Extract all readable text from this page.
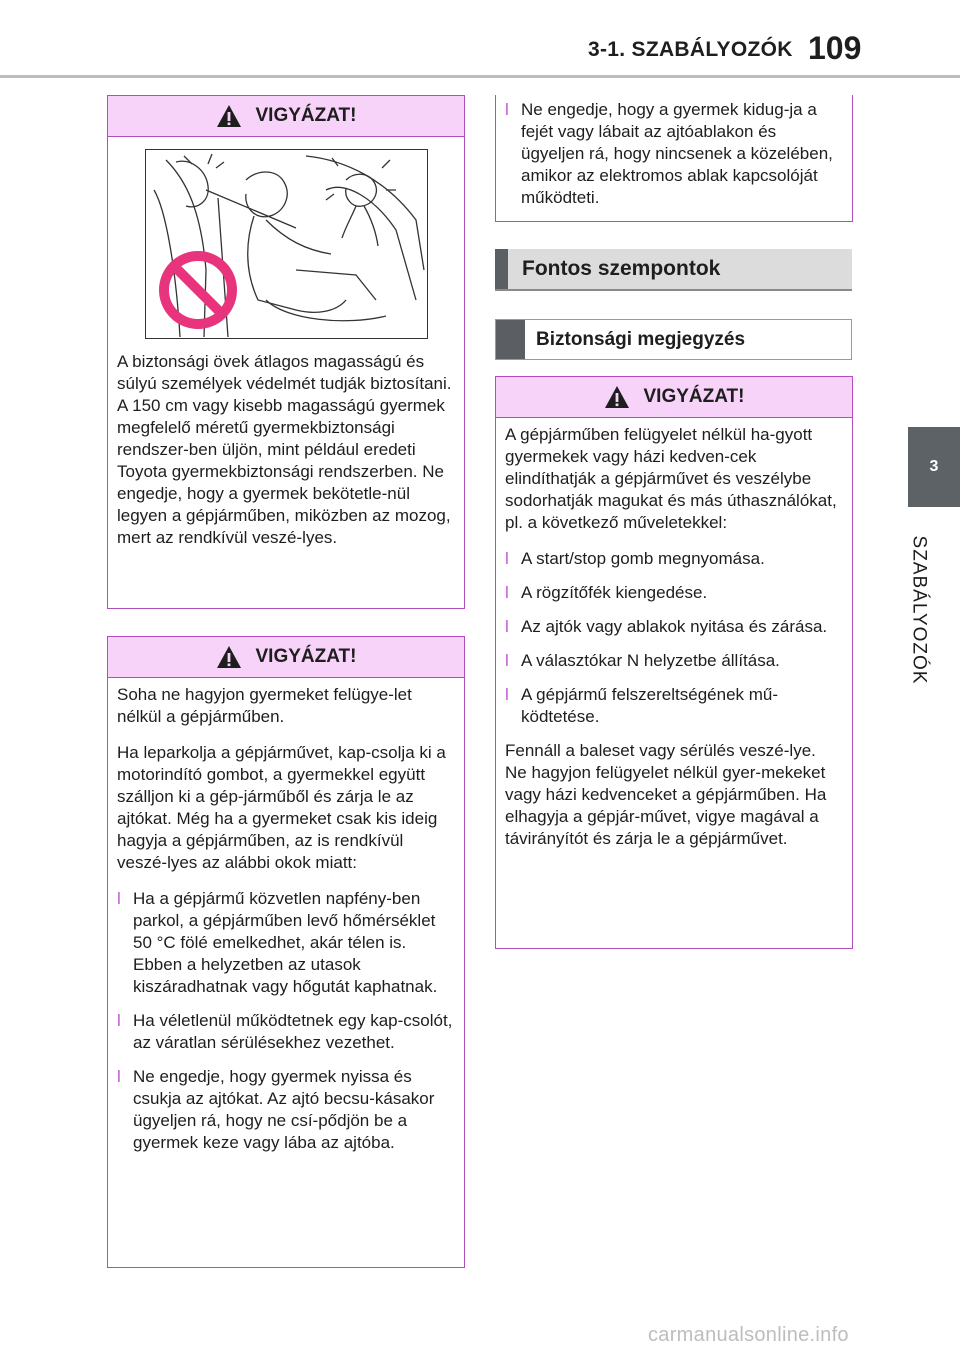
3-1. SZABÁLYOZÓK 109
3
SZABÁLYOZÓK
VIGYÁZAT!

A biztonsági övek átlagos magasságú és súlyú személyek védelmét tudják biztosítani. A 150 cm vagy kisebb magasságú gyermek megfelelő méretű gyermekbiztonsági rendszer-ben üljön, mint például eredeti Toyota gyermekbiztonsági rendszerben. Ne engedje, hogy a gyermek bekötetle-nül legyen a gépjárműben, miközben az mozog, mert az rendkívül veszé-lyes.

VIGYÁZAT!

Soha ne hagyjon gyermeket felügye-let nélkül a gépjárműben.

Ha leparkolja a gépjárművet, kap-csolja ki a motorindító gombot, a gyermekkel együtt szálljon ki a gép-járműből és zárja le az ajtókat. Még ha a gyermeket csak kis ideig hagyja a gépjárműben, az is rendkívül veszé-lyes az alábbi okok miatt:

l Ha a gépjármű közvetlen napfény-ben parkol, a gépjárműben levő hőmérséklet 50 °C fölé emelkedhet, akár télen is. Ebben a helyzetben az utasok kiszáradhatnak vagy hőgutát kaphatnak.
l Ha véletlenül működtetnek egy kap-csolót, az váratlan sérülésekhez vezethet.
l Ne engedje, hogy gyermek nyissa és csukja az ajtókat. Az ajtó becsu-kásakor ügyeljen rá, hogy ne csí-pődjön be a gyermek keze vagy lába az ajtóba.
l Ne engedje, hogy a gyermek kidug-ja a fejét vagy lábait az ajtóablakon és ügyeljen rá, hogy nincsenek a közelében, amikor az elektromos ablak kapcsolóját működteti.
Fontos szempontok
Biztonsági megjegyzés
VIGYÁZAT!

A gépjárműben felügyelet nélkül ha-gyott gyermekek vagy házi kedven-cek elindíthatják a gépjárművet és veszélybe sodorhatják magukat és más úthasználókat, pl. a következő műveletekkel:

l A start/stop gomb megnyomása.
l A rögzítőfék kiengedése.
l Az ajtók vagy ablakok nyitása és zárása.
l A választókar N helyzetbe állítása.
l A gépjármű felszereltségének mű-ködtetése.

Fennáll a baleset vagy sérülés veszé-lye. Ne hagyjon felügyelet nélkül gyer-mekeket vagy házi kedvenceket a gépjárműben. Ha elhagyja a gépjár-művet, vigye magával a távirányítót és zárja le a gépjárművet.

carmanualsonline.info
